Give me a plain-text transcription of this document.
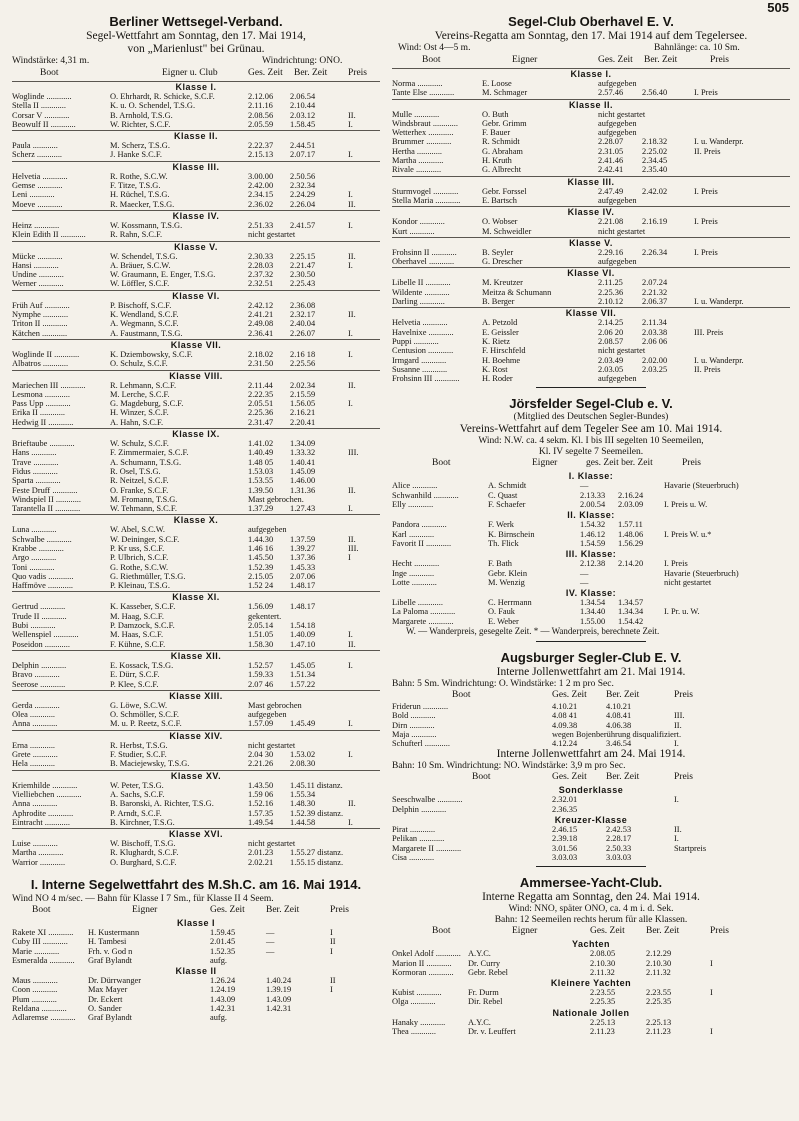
505
Berliner Wettsegel-Verband.
Segel-Wettfahrt am Sonntag, den 17. Mai 1914,
von „Marienlust" bei Grünau.
Windstärke: 4,31 m.	Windrichtung: ONO.
Boot	Eigner u. Club	Ges. Zeit Ber. Zeit Preis
Klasse I.
Woglinde ............	O. Ehrhardt, R. Schicke, S.C.F.	2.12.06 2.06.54
Stella II ............	K. u. O. Schendel, T.S.G.	2.11.16 2.10.44
Corsar V ............	B. Arnhold, T.S.G.	2.08.56 2.03.12	II.
Beowulf II ............	W. Richter, S.C.F.	2.05.59 1.58.45	I.
Klasse II.
Paula ............	M. Scherz, T.S.G.	2.22.37 2.44.51
Scherz ............	J. Hanke S.C.F.	2.15.13 2.07.17	I.
Klasse III.
Helvetia ............	R. Rothe, S.C.W.	3.00.00 2.50.56
Gemse ............	F. Titze, T.S.G.	2.42.00 2.32.34
Leni ............	H. Rüchel, T.S.G.	2.34.15 2.24.29	I.
Moeve ............	R. Maecker, T.S.G.	2.36.02 2.26.04	II.
Klasse IV.
Heinz ............	W. Kossmann, T.S.G.	2.51.33 2.41.57	I.
Klein Edith II ............	R. Rahn, S.C.F.	nicht gestartet
Klasse V.
Mücke ............	W. Schendel, T.S.G.	2.30.33 2.25.15	II.
Hansi ............	A. Bräuer, S.C.W.	2.28.03 2.21.47	I.
Undine ............	W. Graumann, E. Enger, T.S.G.	2.37.32 2.30.50
Werner ............	W. Löffler, S.C.F.	2.32.51 2.25.43
Klasse VI.
Früh Auf ............	P. Bischoff, S.C.F.	2.42.12 2.36.08
Nymphe ............	K. Wendland, S.C.F.	2.41.21 2.32.17	II.
Triton II ............	A. Wegmann, S.C.F.	2.49.08 2.40.04
Kätchen ............	A. Faustmann, T.S.G.	2.36.41 2.26.07	I.
Klasse VII.
Woglinde II ............	K. Dziembowsky, S.C.F.	2.18.02 2.16 18	I.
Albatros ............	O. Schulz, S.C.F.	2.31.50 2.25.56
Klasse VIII.
Mariechen III ............	R. Lehmann, S.C.F.	2.11.44 2.02.34	II.
Lesmona ............	M. Lerche, S.C.F.	2.22.35 2.15.59
Pass Upp ............	G. Magdeburg, S.C.F.	2.05.51 1.56.05	I.
Erika II ............	H. Winzer, S.C.F.	2.25.36 2.16.21
Hedwig II ............	A. Hahn, S.C.F.	2.31.47 2.20.41
Klasse IX.
Brieftaube ............	W. Schulz, S.C.F.	1.41.02 1.34.09
Hans ............	F. Zimmermaier, S.C.F.	1.40.49 1.33.32	III.
Trave ............	A. Schumann, T.S.G.	1.48 05 1.40.41
Fidus ............	R. Osel, T.S.G.	1.53.03 1.45.09
Sparta ............	R. Neitzel, S.C.F.	1.53.55 1.46.00
Feste Druff ............	O. Franke, S.C.F.	1.39.50 1.31.36	II.
Windspiel II ............	M. Fromann, T.S.G.	Mast gebrochen.
Tarantella II ............	W. Tehmann, S.C.F.	1.37.29 1.27.43	I.
Klasse X.
Luna ............	W. Abel, S.C.W.	aufgegeben
Schwalbe ............	W. Deininger, S.C.F.	1.44.30 1.37.59	II.
Krabbe ............	P. Kr uss, S.C.F.	1.46 16 1.39.27	III.
Argo ............	P. Ulbrich, S.C.F.	1.45.50 1.37.36	I
Toni ............	G. Rothe, S.C.W.	1.52.39 1.45.33
Quo vadis ............	G. Riethmüller, T.S.G.	2.15.05 2.07.06
Haffmöve ............	P. Kleinau, T.S.G.	1.52 24 1.48.17
Klasse XI.
Gertrud ............	K. Kasseber, S.C.F.	1.56.09 1.48.17
Trude II ............	M. Haag, S.C.F.	gekentert.
Bubi ............	P. Damzock, S.C.F.	2.05.14 1.54.18
Wellenspiel ............	M. Haas, S.C.F.	1.51.05 1.40.09	I.
Poseidon ............	F. Kühne, S.C.F.	1.58.30 1.47.10	II.
Klasse XII.
Delphin ............	E. Kossack, T.S.G.	1.52.57 1.45.05	I.
Bravo ............	E. Dürr, S.C.F.	1.59.33 1.51.34
Seerose ............	P. Klee, S.C.F.	2.07 46 1.57.22
Klasse XIII.
Gerda ............	G. Löwe, S.C.W.	Mast gebrochen
Olea ............	O. Schmöller, S.C.F.	aufgegeben
Anna ............	M. u. P. Reetz, S.C.F.	1.57.09 1.45.49	I.
Klasse XIV.
Erna ............	R. Herbst, T.S.G.	nicht gestartet
Grete ............	F. Studier, S.C.F.	2.04 30 1.53.02	I.
Hela ............	B. Maciejewsky, T.S.G.	2.21.26 2.08.30
Klasse XV.
Kriemhilde ............	W. Peter, T.S.G.	1.43.50 1.45.11 distanz.
Vielliebchen ............	A. Sachs, S.C.F.	1.59 06 1.55.34
Anna ............	B. Baronski, A. Richter, T.S.G.	1.52.16 1.48.30	II.
Aphrodite ............	P. Arndt, S.C.F.	1.57.35 1.52.39 distanz.
Eintracht ............	B. Kirchner, T.S.G.	1.49.54 1.44.58	I.
Klasse XVI.
Luise ............	W. Bischoff, T.S.G.	nicht gestartet
Martha ............	R. Klughardt, S.C.F.	2.01.23 1.55.27 distanz.
Warrior ............	O. Burghard, S.C.F.	2.02.21 1.55.15 distanz.
I. Interne Segelwettfahrt des M.Sh.C. am 16. Mai 1914.
Wind NO 4 m/sec. — Bahn für Klasse I 7 Sm., für Klasse II 4 Seem.
Boot	Eigner	Ges. Zeit Ber. Zeit	Preis
Klasse I
Rakete XI ............ H. Kustermann	1.59.45	—	I
Cuby III ............ H. Tambesi	2.01.45	—	II
Marie ............	Frh. v. God n	1.52.35	—	I
Esmeralda ............ Graf Bylandt	aufg.
Klasse II
Maus ............	Dr. Dürrwanger	1.26.24	1.40.24	II
Coon ............	Max Mayer	1.24.19	1.39.19	I
Plum ............	Dr. Eckert	1.43.09	1.43.09
Reldana ............	O. Sander	1.42.31	1.42.31
Adlaremse ............ Graf Bylandt	aufg.
Segel-Club Oberhavel E. V.
Vereins-Regatta am Sonntag, den 17. Mai 1914 auf dem Tegelersee.
Wind: Ost 4—5 m.	Bahnlänge: ca. 10 Sm.
Boot	Eigner	Ges. Zeit Ber. Zeit	Preis
Klasse I.
Norma ............	E. Loose	aufgegeben
Tante Else ............	M. Schmager	2.57.46 2.56.40	I. Preis
Klasse II.
Mulle ............	O. Buth	nicht gestartet
Windsbraut ............	Gebr. Grimm	aufgegeben
Wetterhex ............	F. Bauer	aufgegeben
Brummer ............	R. Schmidt	2.28.07 2.18.32	I. u. Wanderpr.
Hertha ............	G. Abraham	2.31.05 2.25.02	II. Preis
Martha ............	H. Kruth	2.41.46 2.34.45
Rivale ............	G. Albrecht	2.42.41 2.35.40
Klasse III.
Sturmvogel ............	Gebr. Forssel	2.47.49 2.42.02	I. Preis
Stella Maria ............	E. Bartsch	aufgegeben
Klasse IV.
Kondor ............	O. Wobser	2.21.08 2.16.19	I. Preis
Kurt ............	M. Schweidler	nicht gestartet
Klasse V.
Frohsinn II ............	B. Seyler	2.29.16 2.26.34	I. Preis
Oberhavel ............	G. Drescher	aufgegeben
Klasse VI.
Libelle II ............	M. Kreutzer	2.11.25 2.07.24
Wildente ............	Meitza & Schumann	2.25.36 2.21.32
Darling ............	B. Berger	2.10.12 2.06.37	I. u. Wanderpr.
Klasse VII.
Helvetia ............	A. Petzold	2.14.25 2.11.34
Havelnixe ............	E. Geissler	2.06 20 2.03.38	III. Preis
Puppi ............	K. Rietz	2.08.57 2.06 06
Centusion ............	F. Hirschfeld	nicht gestartet
Irmgard ............	H. Boehme	2.03.49 2.02.00	I. u. Wanderpr.
Susanne ............	K. Rost	2.03.05 2.03.25	II. Preis
Frohsinn III ............	H. Roder	aufgegeben
Jörsfelder Segel-Club e. V.
(Mitglied des Deutschen Segler-Bundes)
Vereins-Wettfahrt auf dem Tegeler See am 10. Mai 1914.
Wind: N.W. ca. 4 sekm. Kl. I bis III segelten 10 Seemeilen,
Kl. IV segelte 7 Seemeilen.
Boot	Eigner	ges. Zeit ber. Zeit	Preis
I. Klasse:
Alice ............	A. Schmidt	—	Havarie (Steuerbruch)
Schwanhild ............	C. Quast	2.13.33 2.16.24
Elly ............	F. Schaefer	2.00.54 2.03.09 I. Preis u. W.
II. Klasse:
Pandora ............	F. Werk	1.54.32 1.57.11
Karl ............	K. Birnschein	1.46.12 1.48.06 I. Preis W. u.*
Favorit II ............	Th. Flick	1.54.59 1.56.29
III. Klasse:
Hecht ............	F. Bath	2.12.38 2.14.20 I. Preis
Inge ............	Gebr. Klein	—	Havarie (Steuerbruch)
Lotte ............	M. Wenzig	—	nicht gestartet
IV. Klasse:
Libelle ............	C. Herrmann	1.34.54 1.34.57
La Paloma ............	O. Fauk	1.34.40 1.34.34 I. Pr. u. W.
Margarete ............	E. Weber	1.55.00 1.54.42
W. — Wanderpreis, gesegelte Zeit. * — Wanderpreis, berechnete Zeit.
Augsburger Segler-Club E. V.
Interne Jollenwettfahrt am 21. Mai 1914.
Bahn: 5 Sm. Windrichtung: O. Windstärke: 1 2 m pro Sec.
Boot	Ges. Zeit Ber. Zeit	Preis
Friderun ............	4.10.21	4.10.21
Bold ............	4.08 41	4.08.41	III.
Dirn ............	4.09.38	4.06.38	II.
Maja ............	wegen Bojenberührung disqualifiziert.
Schufterl ............	4.12.24	3.46.54	I.
Interne Jollenwettfahrt am 24. Mai 1914.
Bahn: 10 Sm. Windrichtung: NO. Windstärke: 3,9 m pro Sec.
Boot	Ges. Zeit Ber. Zeit	Preis
Sonderklasse
Seeschwalbe ............	2.32.01	I.
Delphin ............	2.36.35
Kreuzer-Klasse
Pirat ............	2.46.15	2.42.53	II.
Pelikan ............	2.39.18	2.28.17	I.
Margarete II ............	3.01.56	2.50.33	Startpreis
Cisa ............	3.03.03	3.03.03
Ammersee-Yacht-Club.
Interne Regatta am Sonntag, den 24. Mai 1914.
Wind: NNO, später ONO, ca. 4 m i. d. Sek.
Bahn: 12 Seemeilen rechts herum für alle Klassen.
Boot	Eigner	Ges. Zeit Ber. Zeit	Preis
Yachten
Onkel Adolf ............ A.Y.C.	2.08.05	2.12.29
Marion II ............ Dr. Curry	2.10.30	2.10.30	I
Kormoran ............ Gebr. Rebel	2.11.32	2.11.32
Kleinere Yachten
Kubist ............	Fr. Durm	2.23.55	2.23.55	I
Olga ............	Dir. Rebel	2.25.35	2.25.35
Nationale Jollen
Hanaky ............	A.Y.C.	2.25.13	2.25.13
Thea ............	Dr. v. Leuffert	2.11.23	2.11.23	I
